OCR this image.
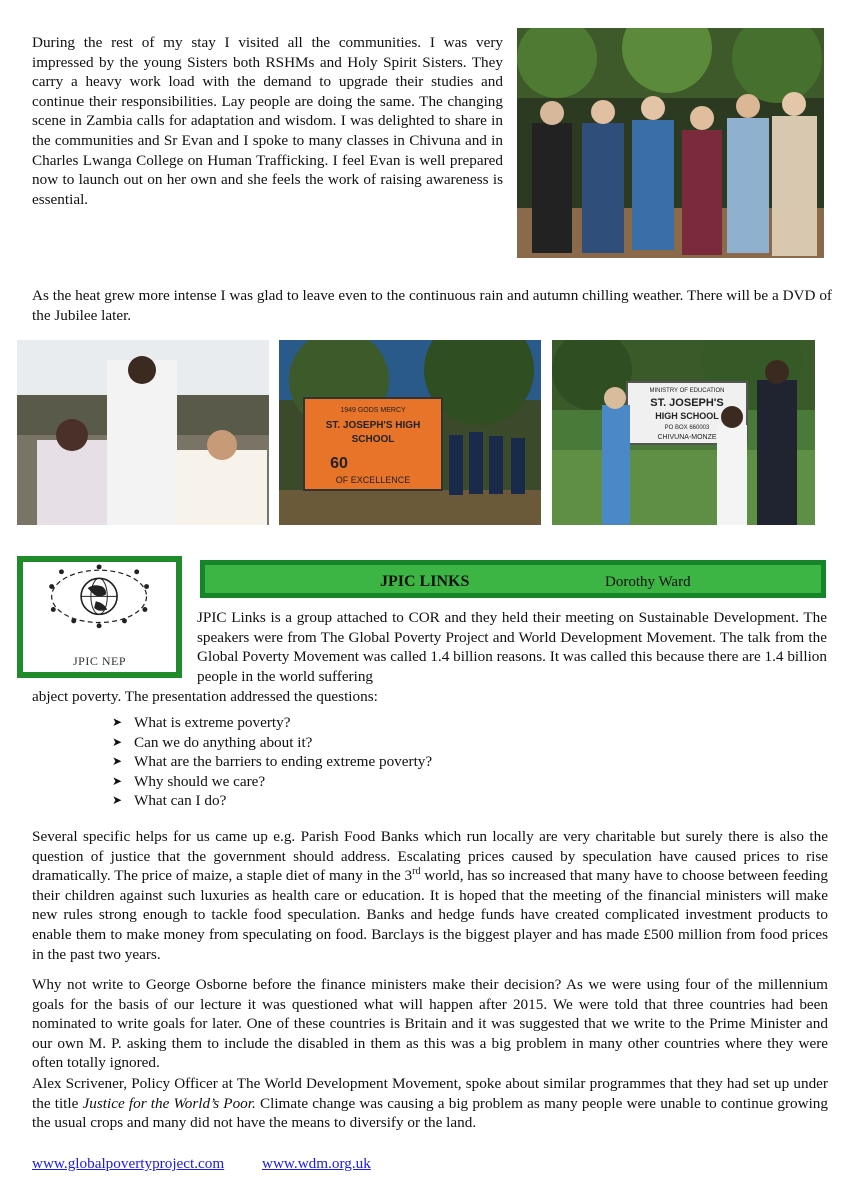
During the rest of my stay I visited all the communities. I was very impressed by the young Sisters both RSHMs and Holy Spirit Sisters. They carry a heavy work load with the demand to upgrade their studies and continue their responsibilities. Lay people are doing the same. The changing scene in Zambia calls for adaptation and wisdom. I was delighted to share in the communities and Sr Evan and I spoke to many classes in Chivuna and in Charles Lwanga College on Human Trafficking. I feel Evan is well prepared now to launch out on her own and she feels the work of raising awareness is essential.

As the heat grew more intense I was glad to leave even to the continuous rain and autumn chilling weather. There will be a DVD of the Jubilee later.

1949 GODS MERCY
ST. JOSEPH'S HIGH
SCHOOL
60
OF EXCELLENCE
MINISTRY OF EDUCATION
ST. JOSEPH'S
HIGH SCHOOL
PO BOX 660003
CHIVUNA-MONZE
JPIC NEP
JPIC LINKS	Dorothy Ward

JPIC Links is a group attached to COR and they held their meeting on Sustainable Development. The speakers were from The Global Poverty Project and World Development Movement. The talk from the Global Poverty Movement was called 1.4 billion reasons. It was called this because there are 1.4 billion people in the world suffering

abject poverty. The presentation addressed the questions:

➤ What is extreme poverty?
➤ Can we do anything about it?
➤ What are the barriers to ending extreme poverty?
➤ Why should we care?
➤ What can I do?

Several specific helps for us came up e.g. Parish Food Banks which run locally are very charitable but surely there is also the question of justice that the government should address. Escalating prices caused by speculation have caused prices to rise dramatically. The price of maize, a staple diet of many in the 3rd world, has so increased that many have to choose between feeding their children against such luxuries as health care or education. It is hoped that the meeting of the financial ministers will make new rules strong enough to tackle food speculation. Banks and hedge funds have created complicated investment products to enable them to make money from speculating on food. Barclays is the biggest player and has made £500 million from food prices in the past two years.

Why not write to George Osborne before the finance ministers make their decision? As we were using four of the millennium goals for the basis of our lecture it was questioned what will happen after 2015. We were told that three countries had been nominated to write goals for later. One of these countries is Britain and it was suggested that we write to the Prime Minister and our own M. P. asking them to include the disabled in them as this was a big problem in many other countries where they were often totally ignored.

Alex Scrivener, Policy Officer at The World Development Movement, spoke about similar programmes that they had set up under the title Justice for the World’s Poor. Climate change was causing a big problem as many people were unable to continue growing the usual crops and many did not have the means to diversify or the land.

www.globalpovertyproject.com www.wdm.org.uk
